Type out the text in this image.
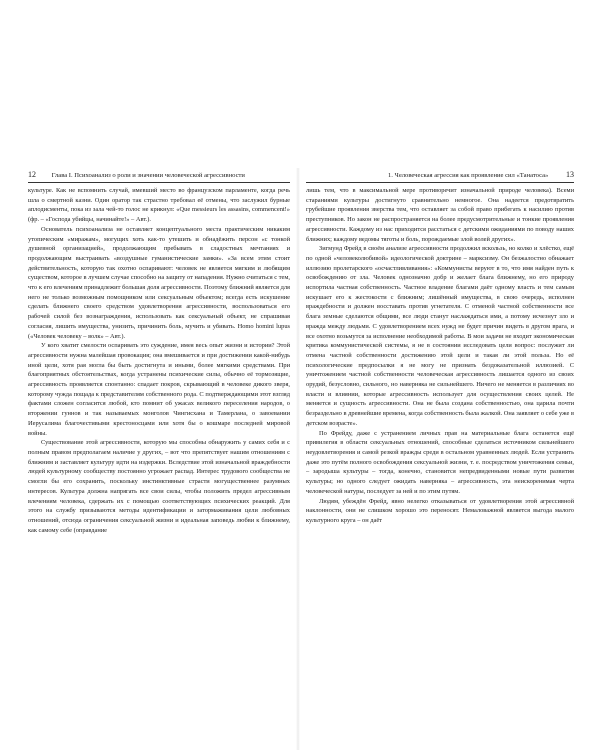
12 Глава I. Психоанализ о роли и значении человеческой агрессивности

культуре. Как не вспомнить случай, имевший место во французском парламенте, когда речь шла о смертной казни. Один оратор так страстно требовал её отмены, что заслужил бурные аплодисменты, пока из зала чей-то голос не крикнул: «Que messieurs les assasins, commencent!» (фр. – «Господа убийцы, начинайте!» – Авт.).

Основатель психоанализа не оставляет концептуального места практическим никаким утопическим «миражам», могущих хоть как-то утешить и обнадёжить персон «с тонкой душевной организацией», продолжающим пребывать в сладостных мечтаниях и продолжающим выстраивать «воздушные гуманистические замки». «За всем этим стоит действительность, которую так охотно оспаривают: человек не является мягким и любящим существом, которое в лучшем случае способно на защиту от нападения. Нужно считаться с тем, что к его влечениям принадлежит большая доля агрессивности. Поэтому ближний является для него не только возможным помощником или сексуальным объектом; всегда есть искушение сделать ближнего своего средством удовлетворения агрессивности, воспользоваться его рабочей силой без вознаграждения, использовать как сексуальный объект, не спрашивая согласия, лишить имущества, унизить, причинить боль, мучить и убивать. Homo homini lupus («Человек человеку – волк» – Авт.).

У кого хватит смелости оспаривать это суждение, имея весь опыт жизни и истории? Этой агрессивности нужна малейшая провокация; она вмешивается и при достижении какой-нибудь иной цели, хотя рая могла бы быть достигнута и иными, более мягкими средствами. При благоприятных обстоятельствах, когда устранены психические силы, обычно её тормозящие, агрессивность проявляется спонтанно: спадает покров, скрывающий в человеке дикого зверя, которому чужда пощада к представителям собственного рода. С подтверждающими этот взгляд фактами сложен согласится любой, кто помнит об ужасах великого переселения народов, о вторжении гуннов и так называемых монголов Чингисхана и Тамерлана, о завоевании Иерусалима благочестивыми крестоносцами или хотя бы о кошмаре последней мировой войны.

Существование этой агрессивности, которую мы способны обнаружить у самих себя и с полным правом предполагаем наличие у других, – вот что препятствует нашим отношениям с ближним и заставляет культуру идти на издержки. Вследствие этой изначальной враждебности людей культурному сообществу постоянно угрожает распад. Интерес трудового сообщества не смогли бы его сохранить, поскольку инстинктивные страсти могущественнее разумных интересов. Культура должна напрягать все свои силы, чтобы положить предел агрессивным влечениям человека, сдержать их с помощью соответствующих психических реакций. Для этого на службу призываются методы идентификации и затормаживания цели любовных отношений, отсюда ограничения сексуальной жизни и идеальная заповедь любви к ближнему, как самому себе (оправдание

1. Человеческая агрессия как проявление сил «Танатоса» 13

лишь тем, что в максимальной мере противоречит изначальной природе человека). Всеми стараниями культуры достигнуто сравнительно немногое. Она надеется предотвратить грубейшие проявления зверства тем, что оставляет за собой право прибегать к насилию против преступников. Но закон не распространяется на более предусмотрительные и тонкие проявления агрессивности. Каждому из нас приходится расстаться с детскими ожиданиями по поводу наших ближних; каждому ведомы тяготы и боль, порождаемые злой волей других».

Зигмунд Фрейд в своём анализе агрессивности продолжил вскользь, но колко и хлёстко, ещё по одной «человеколюбивой» идеологической доктрине – марксизму. Он безжалостно обнажает иллюзию пролетарского «осчастливливания»: «Коммунисты веруют в то, что имя найден путь к освобождению от зла. Человек однозначно добр и желает блага ближнему, но его природу испортила частная собственность. Частное владение благами даёт одному власть и тем самым искушает его к жестокости с ближним; лишённый имущества, в свою очередь, исполнен враждебности и должен восставать против угнетателя. С отменой частной собственности все блага земные сделаются общими, все люди станут наслаждаться ими, а потому исчезнут зло и вражда между людьми. С удовлетворением всех нужд не будет причин видеть в другом врага, и все охотно возьмутся за исполнение необходимой работы. В мои задачи не входит экономическая критика коммунистической системы, я не в состоянии исследовать цели вопрос: послужит ли отмена частной собственности достижению этой цели и такая ли этой польза. Но её психологические предпосылки я не могу не признать бездоказательной иллюзией. С уничтожением частной собственности человеческая агрессивность лишается одного из своих орудий, безусловно, сильного, но наверняка не сильнейшего. Ничего не меняется в различиях во власти и влиянии, которые агрессивность использует для осуществления своих целей. Не меняется и сущность агрессивности. Она не была создана собственностью, она царила почти безраздельно в древнейшие времена, когда собственность была жалкой. Она заявляет о себе уже в детском возрасте».

По Фрейду, даже с устранением личных прав на материальные блага останется ещё привилегия в области сексуальных отношений, способные сделаться источником сильнейшего неудовлетворения и самой резкой вражды среди в остальном уравненных людей. Если устранить даже это путём полного освобождения сексуальной жизни, т. е. посредством уничтожения семьи, – зародыша культуры – тогда, конечно, становится непредвиденными новые пути развития культуры; но одного следует ожидать наверняка – агрессивность, эта неискоренимая черта человеческой натуры, последует за ней и по этим путям.

Людям, убеждён Фрейд, явно нелегко отказываться от удовлетворения этой агрессивной наклонности, они не слишком хорошо это переносят. Немаловажной является выгода малого культурного круга – он даёт
